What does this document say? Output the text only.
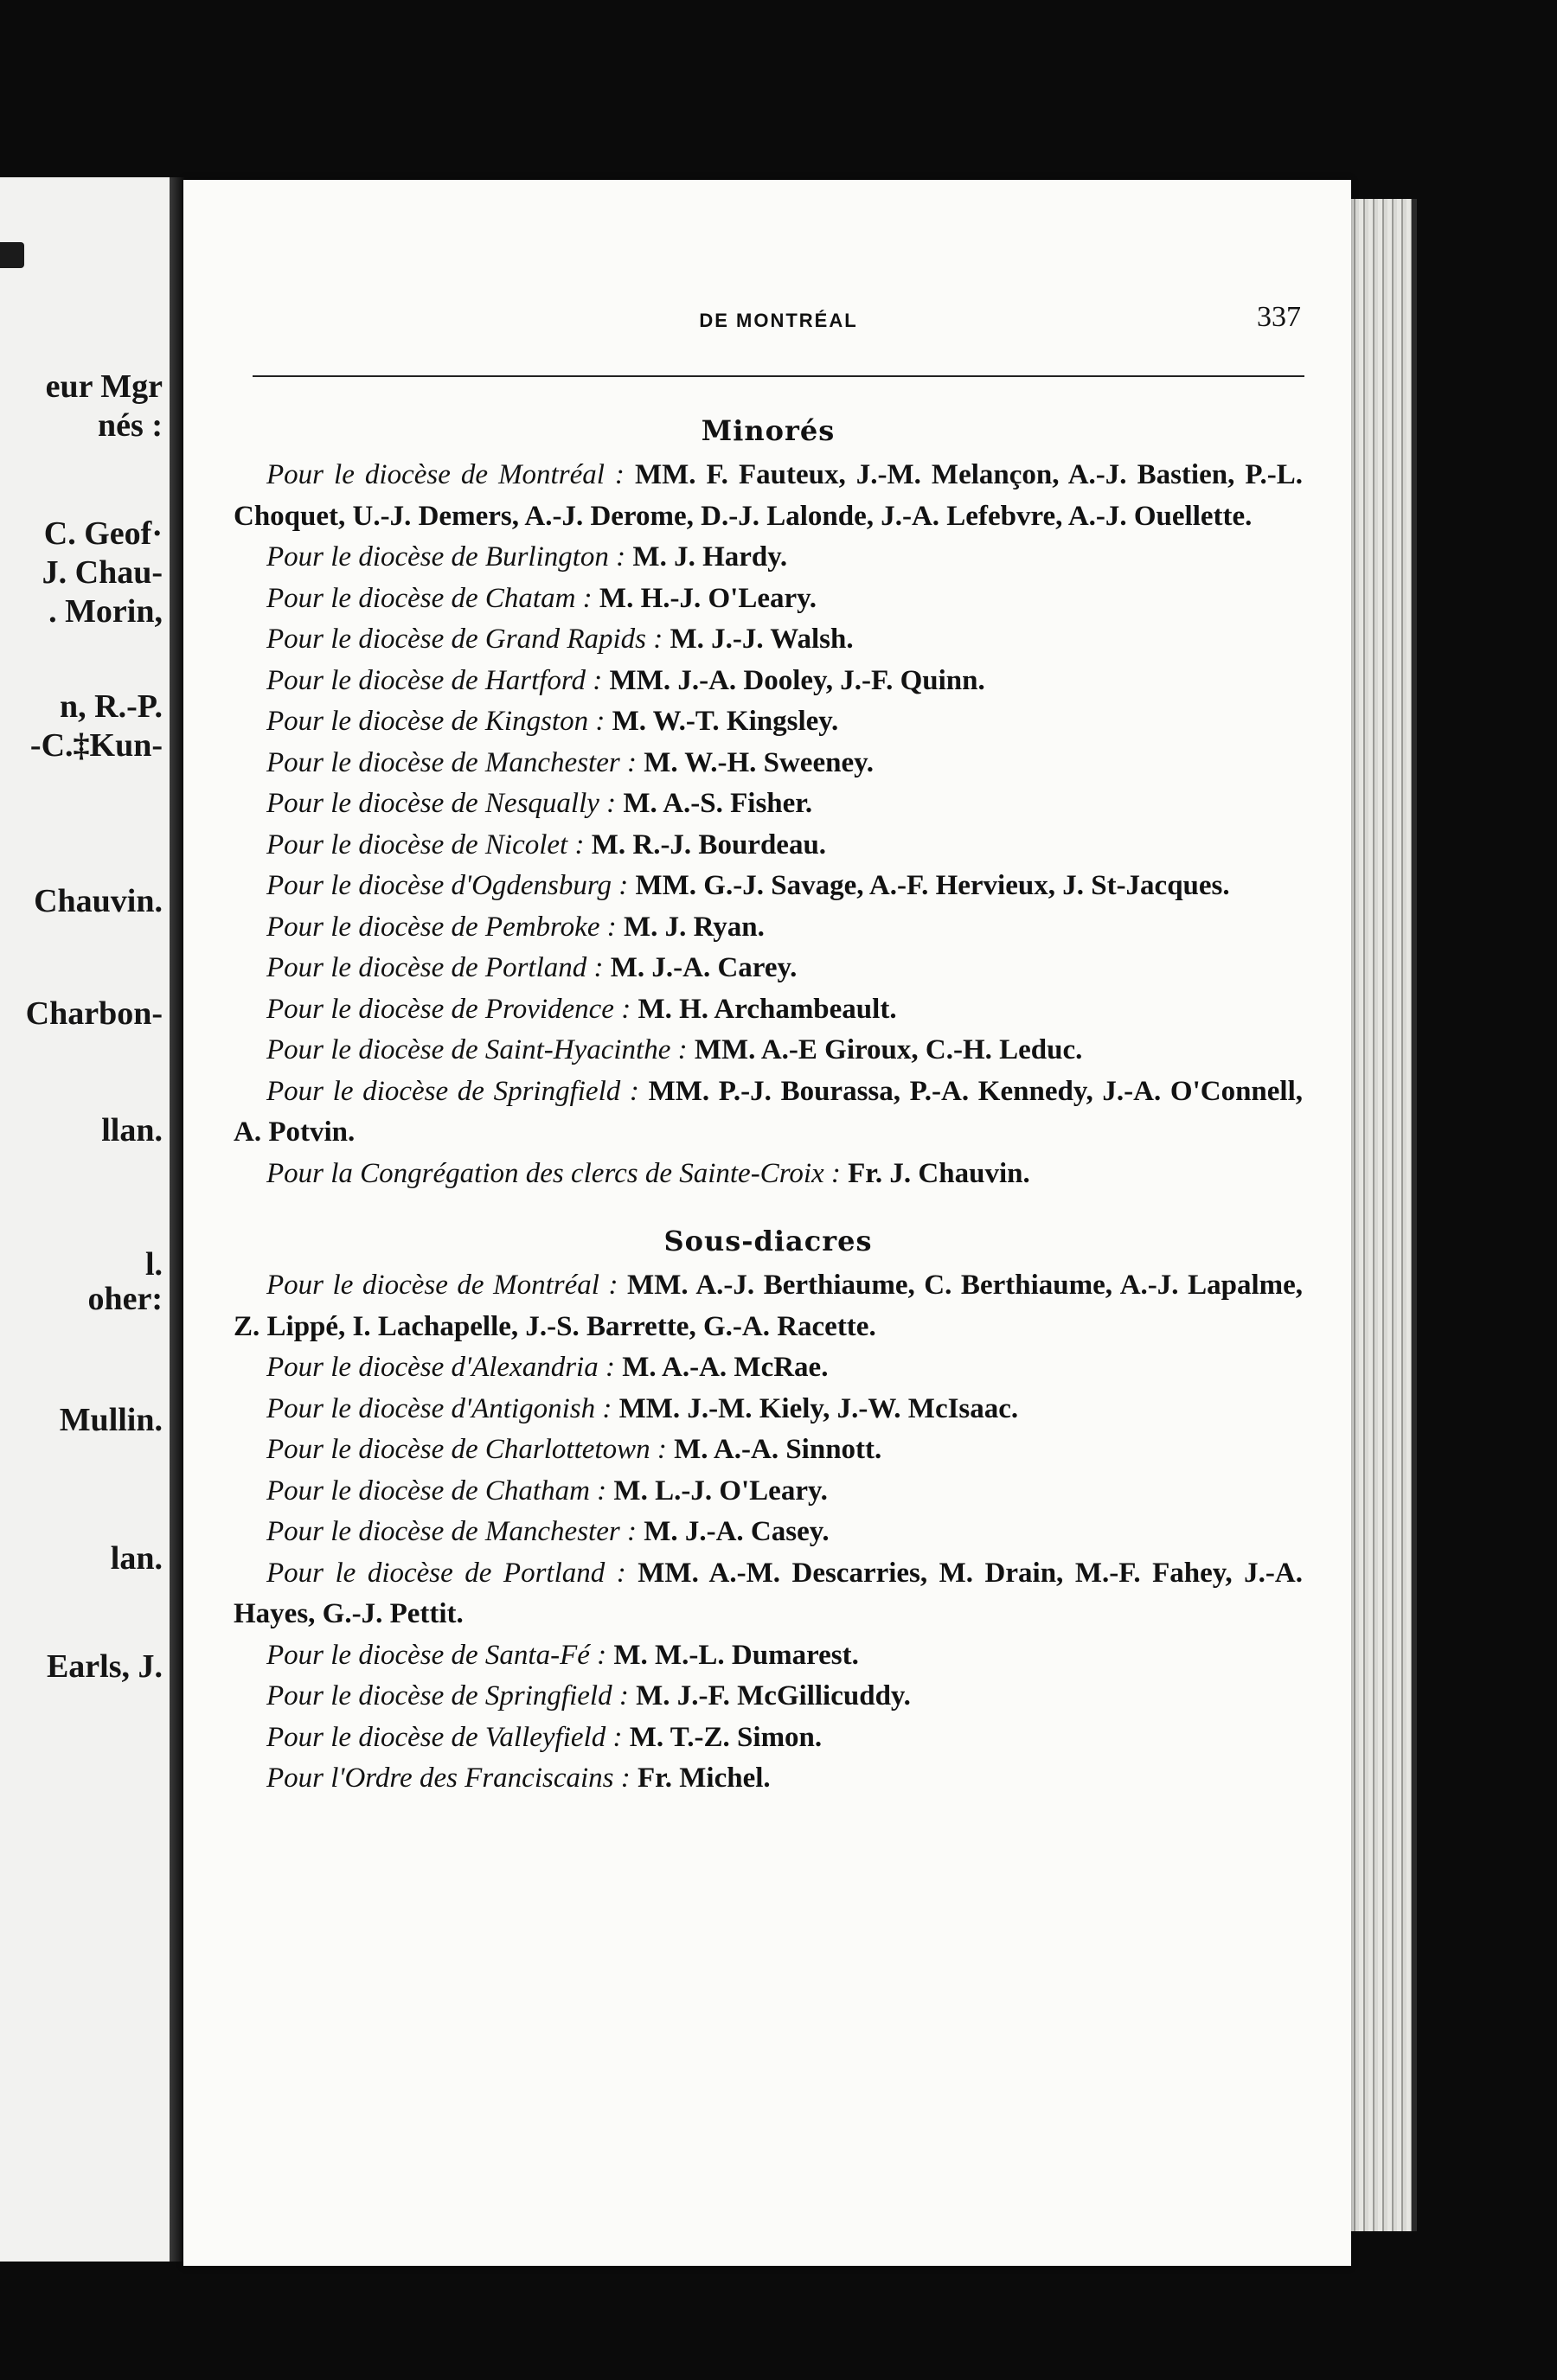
eur Mgr
nés :
C. Geof·
J. Chau-
. Morin,
n, R.-P.
-C.‡Kun-
Chauvin.
Charbon-
llan.
l.
oher:
Mullin.
lan.
Earls, J.
DE MONTRÉAL	337
Minorés

Pour le diocèse de Montréal : MM. F. Fauteux, J.-M. Melançon, A.-J. Bastien, P.-L. Choquet, U.-J. Demers, A.-J. Derome, D.-J. Lalonde, J.-A. Lefebvre, A.-J. Ouellette.

Pour le diocèse de Burlington : M. J. Hardy.

Pour le diocèse de Chatam : M. H.-J. O'Leary.

Pour le diocèse de Grand Rapids : M. J.-J. Walsh.

Pour le diocèse de Hartford : MM. J.-A. Dooley, J.-F. Quinn.

Pour le diocèse de Kingston : M. W.-T. Kingsley.

Pour le diocèse de Manchester : M. W.-H. Sweeney.

Pour le diocèse de Nesqually : M. A.-S. Fisher.

Pour le diocèse de Nicolet : M. R.-J. Bourdeau.

Pour le diocèse d'Ogdensburg : MM. G.-J. Savage, A.-F. Hervieux, J. St-Jacques.

Pour le diocèse de Pembroke : M. J. Ryan.

Pour le diocèse de Portland : M. J.-A. Carey.

Pour le diocèse de Providence : M. H. Archambeault.

Pour le diocèse de Saint-Hyacinthe : MM. A.-E Giroux, C.-H. Leduc.

Pour le diocèse de Springfield : MM. P.-J. Bourassa, P.-A. Kennedy, J.-A. O'Connell, A. Potvin.

Pour la Congrégation des clercs de Sainte-Croix : Fr. J. Chauvin.

Sous-diacres

Pour le diocèse de Montréal : MM. A.-J. Berthiaume, C. Berthiaume, A.-J. Lapalme, Z. Lippé, I. Lachapelle, J.-S. Barrette, G.-A. Racette.

Pour le diocèse d'Alexandria : M. A.-A. McRae.

Pour le diocèse d'Antigonish : MM. J.-M. Kiely, J.-W. McIsaac.

Pour le diocèse de Charlottetown : M. A.-A. Sinnott.

Pour le diocèse de Chatham : M. L.-J. O'Leary.

Pour le diocèse de Manchester : M. J.-A. Casey.

Pour le diocèse de Portland : MM. A.-M. Descarries, M. Drain, M.-F. Fahey, J.-A. Hayes, G.-J. Pettit.

Pour le diocèse de Santa-Fé : M. M.-L. Dumarest.

Pour le diocèse de Springfield : M. J.-F. McGillicuddy.

Pour le diocèse de Valleyfield : M. T.-Z. Simon.

Pour l'Ordre des Franciscains : Fr. Michel.
